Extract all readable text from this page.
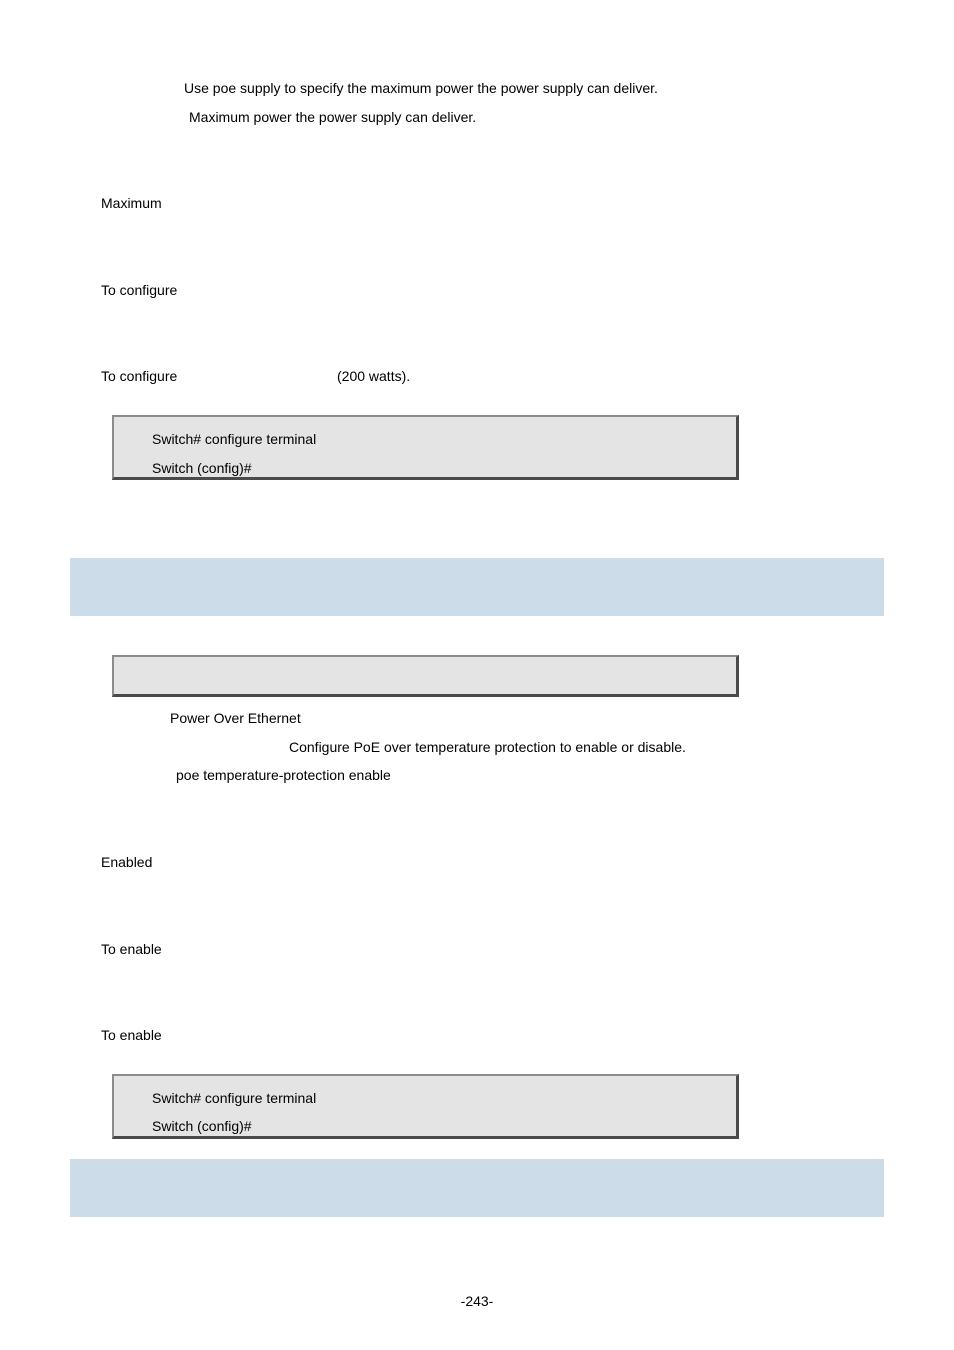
Use poe supply to specify the maximum power the power supply can deliver.
Maximum power the power supply can deliver.
Maximum
To configure
To configure	(200 watts).
Switch# configure terminal
Switch (config)#
Power Over Ethernet
Configure PoE over temperature protection to enable or disable.
poe temperature-protection enable
Enabled
To enable
To enable
Switch# configure terminal
Switch (config)#
-243-
